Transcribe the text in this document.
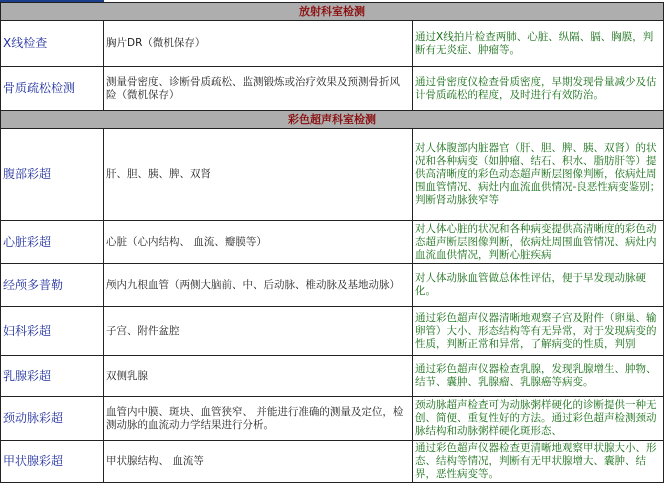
放射科室检测		
X线检查	胸片DR（微机保存）	通过X线拍片检查两肺、心脏、纵隔、膈、胸膜，判断有无炎症、肿瘤等。
骨质疏松检测	测量骨密度、诊断骨质疏松、监测锻炼或治疗效果及预测骨折风险（微机保存）	通过骨密度仪检查骨质密度，早期发现骨量减少及估计骨质疏松的程度，及时进行有效防治。
彩色超声科室检测		
腹部彩超	肝、胆、胰、脾、双肾	对人体腹部内脏器官（肝、胆、脾、胰、双肾）的状况和各种病变（如肿瘤、结石、积水、脂肪肝等）提供高清晰度的彩色动态超声断层图像判断，依病灶周围血管情况、病灶内血流血供情况-良恶性病变鉴别；判断肾动脉狭窄等
心脏彩超	心脏（心内结构、 血流、瓣膜等）	对人体心脏的状况和各种病变提供高清晰度的彩色动态超声断层图像判断，依病灶周围血管情况、病灶内血流血供情况，判断心脏疾病
经颅多普勒	颅内九根血管（两侧大脑前、中、后动脉、椎动脉及基地动脉）	对人体动脉血管做总体性评估，便于早发现动脉硬化。
妇科彩超	子宫、附件盆腔	通过彩色超声仪器清晰地观察子宫及附件（卵巢、输卵管）大小、形态结构等有无异常，对于发现病变的性质，判断正常和异常，了解病变的性质，判别
乳腺彩超	双侧乳腺	通过彩色超声仪器检查乳腺，发现乳腺增生、肿物、结节、囊肿、乳腺瘤、乳腺癌等病变。
颈动脉彩超	血管内中膜、斑块、血管狭窄、 并能进行准确的测量及定位，检测动脉的血流动力学结果进行分析。	颈动脉超声检查可为动脉粥样硬化的诊断提供一种无创、简便、重复性好的方法。通过彩色超声检测颈动脉结构和动脉粥样硬化斑形态、
甲状腺彩超	甲状腺结构、 血流等	通过彩色超声仪器检查更清晰地观察甲状腺大小、形态、结构等情况，判断有无甲状腺增大、囊肿、结界，恶性病变等。
